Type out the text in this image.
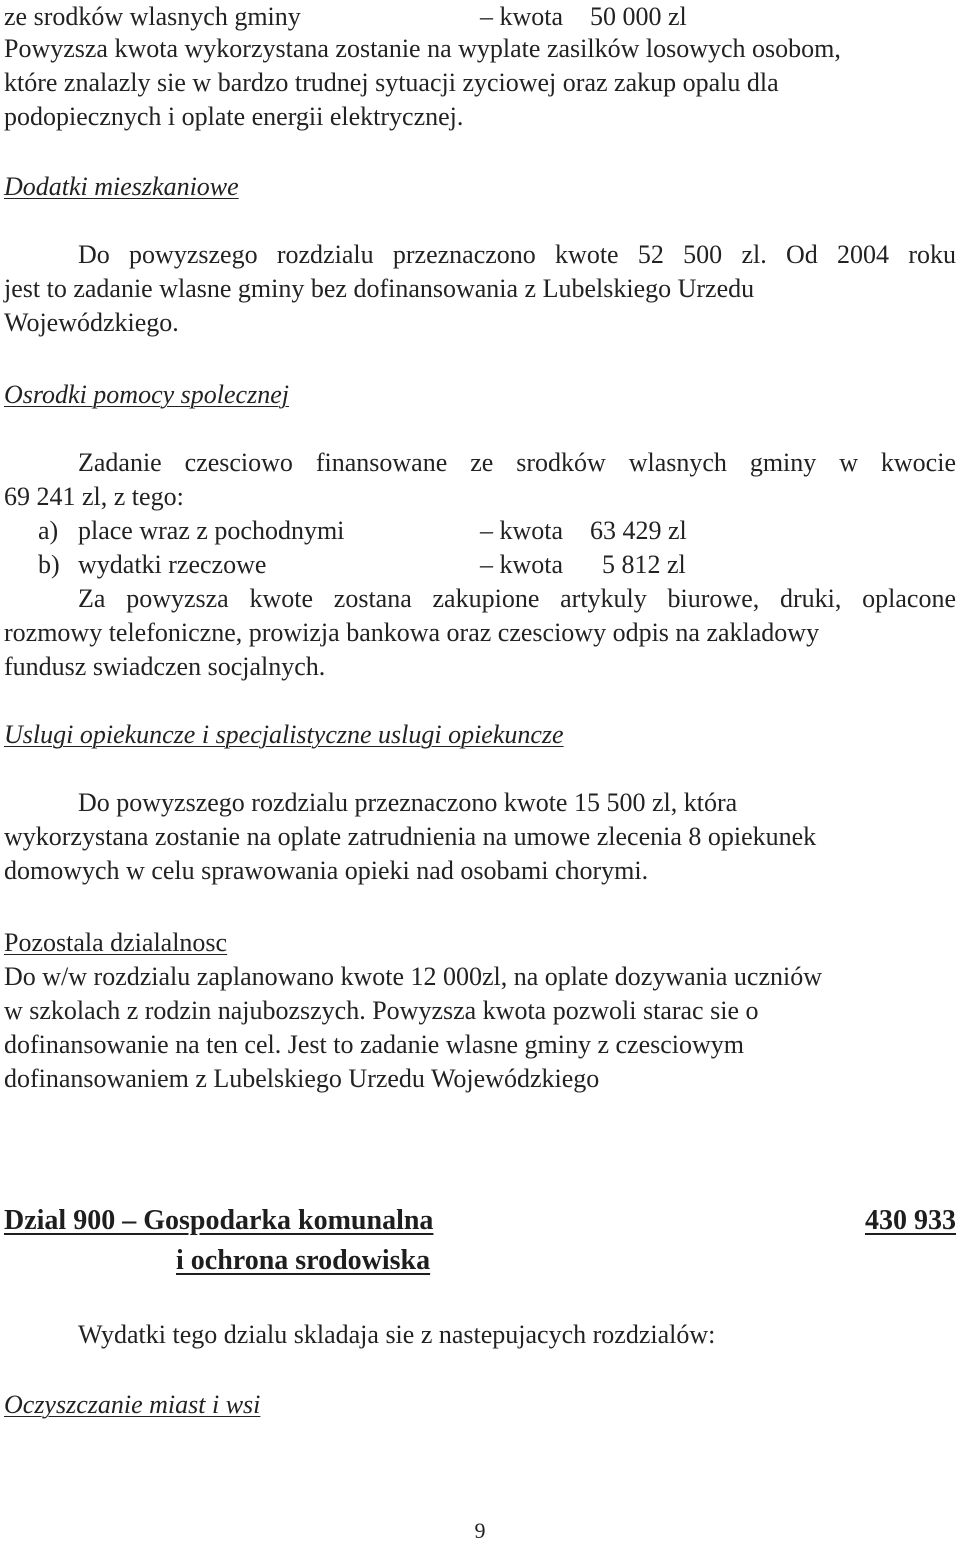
ze srodków wlasnych gminy	– kwota 50 000 zl
Powyzsza kwota wykorzystana zostanie na wyplate zasilków losowych osobom,
które znalazly sie w bardzo trudnej sytuacji zyciowej oraz zakup opalu dla
podopiecznych i oplate energii elektrycznej.
Dodatki mieszkaniowe
Do powyzszego rozdzialu przeznaczono kwote 52 500 zl. Od 2004 roku
jest to zadanie wlasne gminy bez dofinansowania z Lubelskiego Urzedu
Wojewódzkiego.
Osrodki pomocy spolecznej
Zadanie czesciowo finansowane ze srodków wlasnych gminy w kwocie
69 241 zl, z tego:
a) place wraz z pochodnymi	– kwota 63 429 zl
b) wydatki rzeczowe	– kwota 5 812 zl
Za powyzsza kwote zostana zakupione artykuly biurowe, druki, oplacone
rozmowy telefoniczne, prowizja bankowa oraz czesciowy odpis na zakladowy
fundusz swiadczen socjalnych.
Uslugi opiekuncze i specjalistyczne uslugi opiekuncze
Do powyzszego rozdzialu przeznaczono kwote 15 500 zl, która
wykorzystana zostanie na oplate zatrudnienia na umowe zlecenia 8 opiekunek
domowych w celu sprawowania opieki nad osobami chorymi.
Pozostala dzialalnosc
Do w/w rozdzialu zaplanowano kwote 12 000zl, na oplate dozywania uczniów
w szkolach z rodzin najubozszych. Powyzsza kwota pozwoli starac sie o
dofinansowanie na ten cel. Jest to zadanie wlasne gminy z czesciowym
dofinansowaniem z Lubelskiego Urzedu Wojewódzkiego
Dzial 900 – Gospodarka komunalna	430 933
i ochrona srodowiska
Wydatki tego dzialu skladaja sie z nastepujacych rozdzialów:
Oczyszczanie miast i wsi
9
